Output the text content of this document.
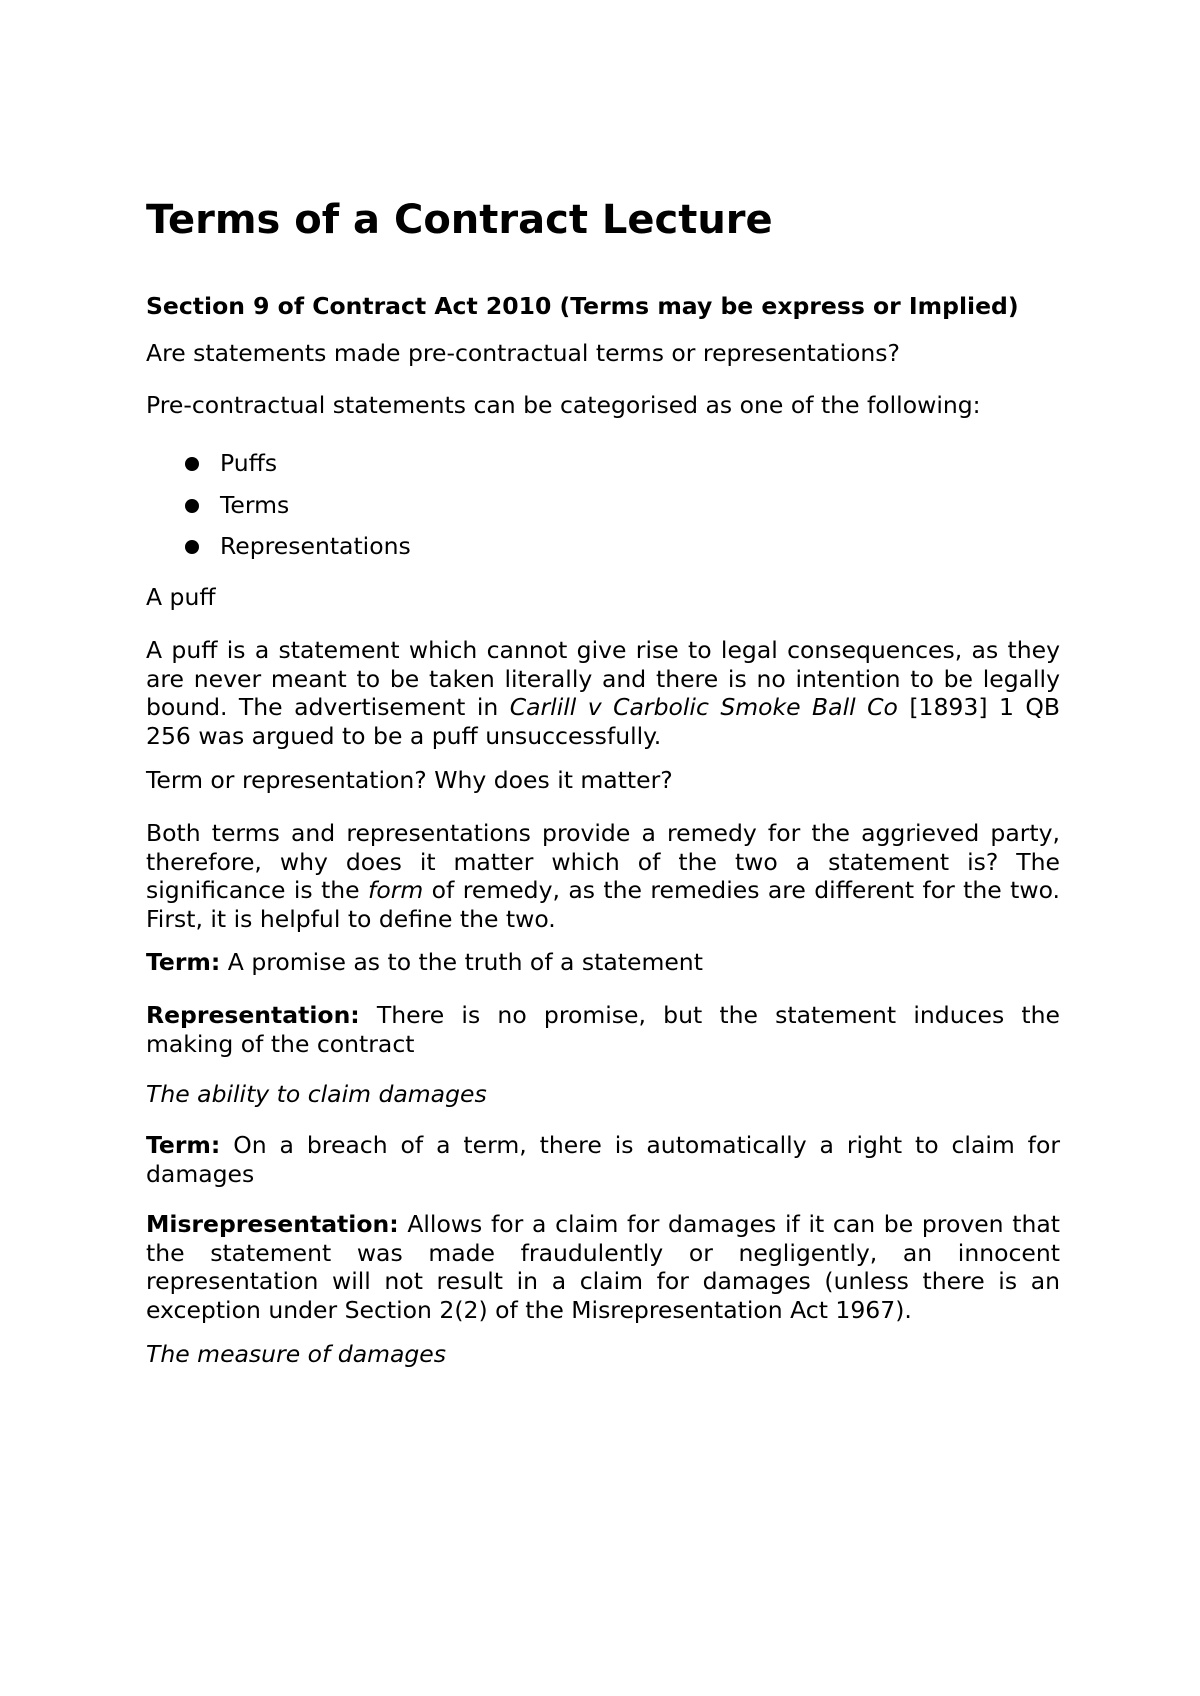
Terms of a Contract Lecture

Section 9 of Contract Act 2010 (Terms may be express or Implied)

Are statements made pre-contractual terms or representations?

Pre-contractual statements can be categorised as one of the following:

Puffs
Terms
Representations

A puff

A puff is a statement which cannot give rise to legal consequences, as they are never meant to be taken literally and there is no intention to be legally bound. The advertisement in Carlill v Carbolic Smoke Ball Co [1893] 1 QB 256 was argued to be a puff unsuccessfully.

Term or representation? Why does it matter?

Both terms and representations provide a remedy for the aggrieved party, therefore, why does it matter which of the two a statement is? The significance is the form of remedy, as the remedies are different for the two. First, it is helpful to define the two.

Term: A promise as to the truth of a statement

Representation: There is no promise, but the statement induces the making of the contract

The ability to claim damages

Term: On a breach of a term, there is automatically a right to claim for damages

Misrepresentation: Allows for a claim for damages if it can be proven that the statement was made fraudulently or negligently, an innocent representation will not result in a claim for damages (unless there is an exception under Section 2(2) of the Misrepresentation Act 1967).

The measure of damages
